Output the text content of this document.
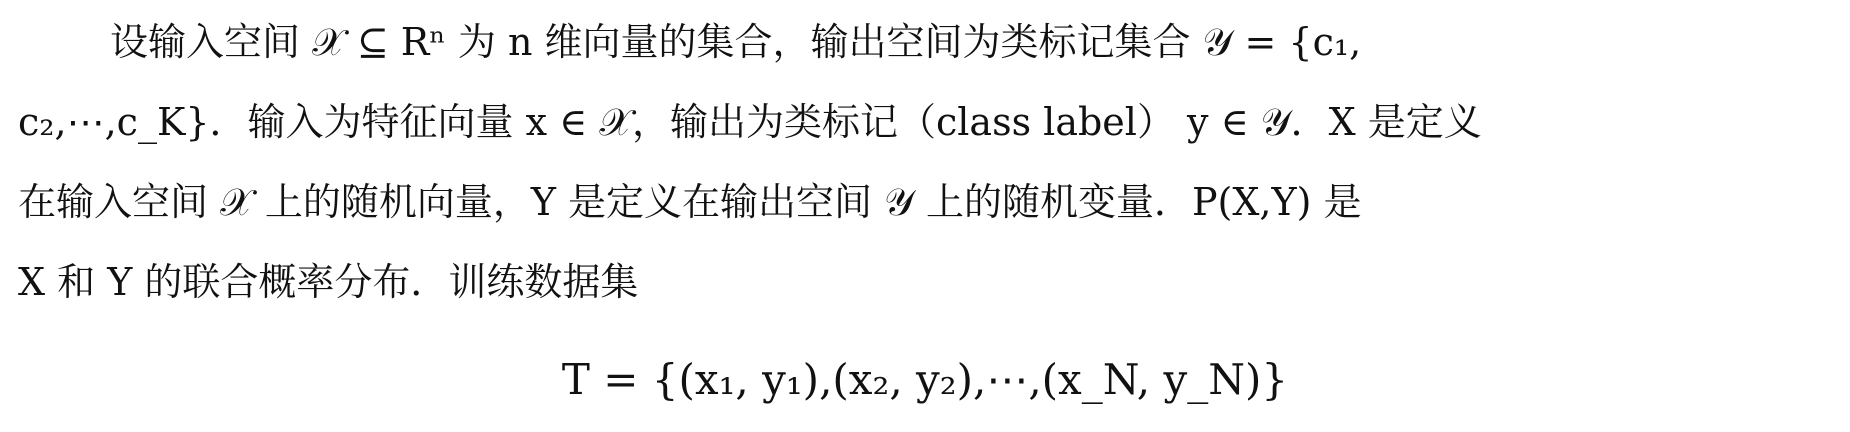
设输入空间 𝒳 ⊆ Rⁿ 为 n 维向量的集合，输出空间为类标记集合 𝒴 = {c₁,
c₂,⋯,c_K}．输入为特征向量 x ∈ 𝒳，输出为类标记（class label） y ∈ 𝒴．X 是定义
在输入空间 𝒳 上的随机向量，Y 是定义在输出空间 𝒴 上的随机变量．P(X,Y) 是
X 和 Y 的联合概率分布．训练数据集
T = {(x₁, y₁),(x₂, y₂),⋯,(x_N, y_N)}
